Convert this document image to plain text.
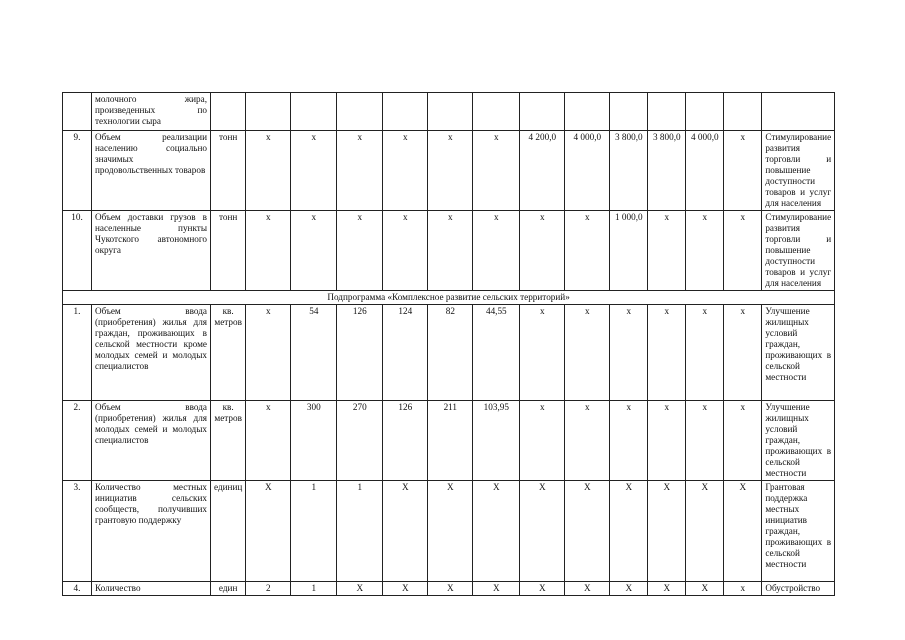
	молочного жира, произведенных по технологии сыра														
9.	Объем реализации населению социально значимых продовольственных товаров	тонн	х	х	х	х	х	х	4 200,0	4 000,0	3 800,0	3 800,0	4 000,0	х	Стимулирование развития торговли и повышение доступности товаров и услуг для населения
10.	Объем доставки грузов в населенные пункты Чукотского автономного округа	тонн	х	х	х	х	х	х	х	х	1 000,0	х	х	х	Стимулирование развития торговли и повышение доступности товаров и услуг для населения
Подпрограмма «Комплексное развитие сельских территорий»															
1.	Объем ввода (приобретения) жилья для граждан, проживающих в сельской местности кроме молодых семей и молодых специалистов	кв. метров	х	54	126	124	82	44,55	х	х	х	х	х	х	Улучшение жилищных условий граждан, проживающих в сельской местности
2.	Объем ввода (приобретения) жилья для молодых семей и молодых специалистов	кв. метров	х	300	270	126	211	103,95	х	х	х	х	х	х	Улучшение жилищных условий граждан, проживающих в сельской местности
3.	Количество местных инициатив сельских сообществ, получивших грантовую поддержку	единиц	Х	1	1	Х	Х	Х	Х	Х	Х	Х	Х	Х	Грантовая поддержка местных инициатив граждан, проживающих в сельской местности
4.	Количество	един	2	1	Х	Х	Х	Х	Х	Х	Х	Х	Х	х	Обустройство
